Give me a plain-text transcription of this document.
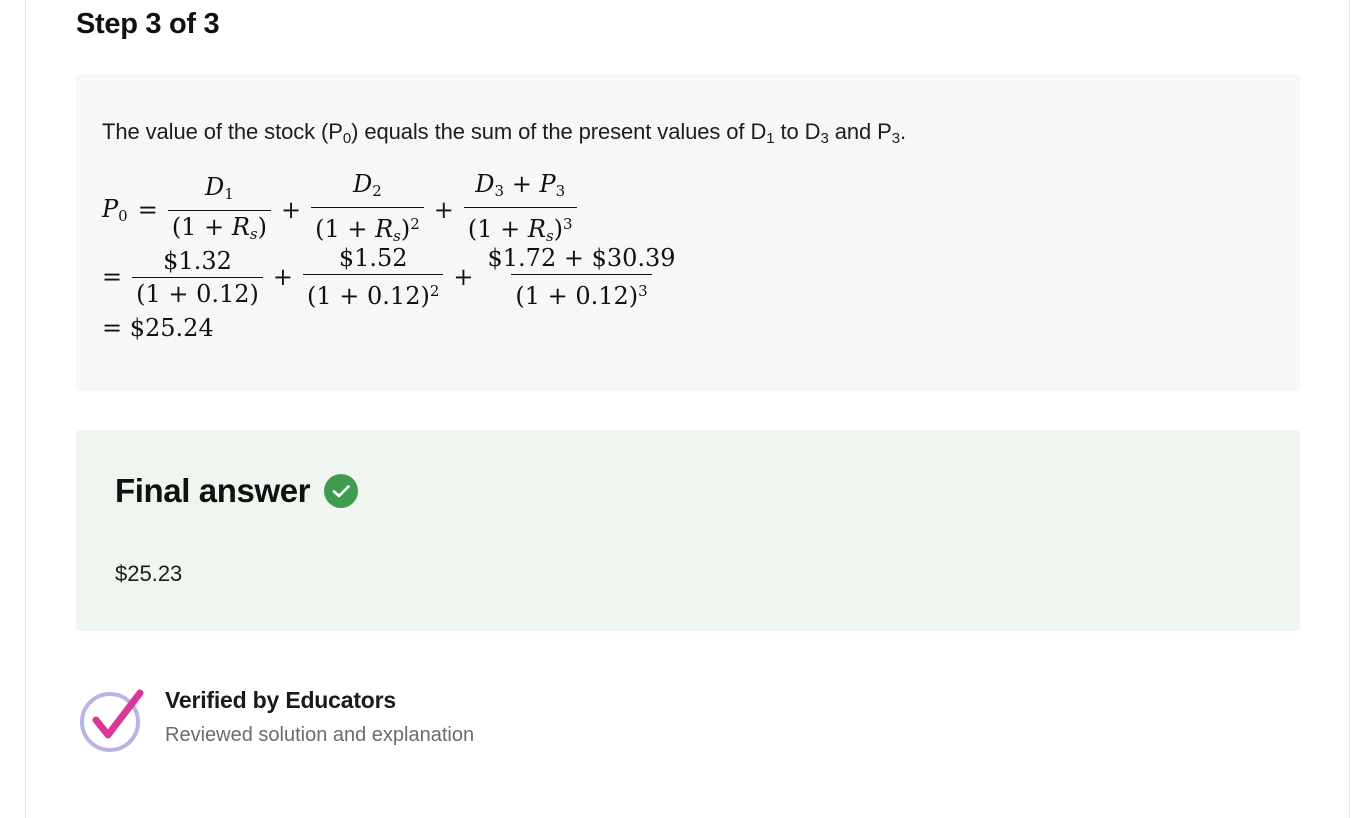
Step 3 of 3
The value of the stock $(P_0)$ equals the sum of the present values of $D_1$ to $D_3$ and $P_3$.
$P_0 = \frac{D_1}{(1 + R_s)} + \frac{D_2}{(1 + R_s)^2} + \frac{D_3 + P_3}{(1 + R_s)^3}$
= $\frac{\$1.32}{(1 + 0.12)} + \frac{\$1.52}{(1 + 0.12)^2} + \frac{\$1.72 + \$30.39}{(1 + 0.12)^3}$
= $25.24
Final answer
$25.23
Verified by Educators
Reviewed solution and explanation
